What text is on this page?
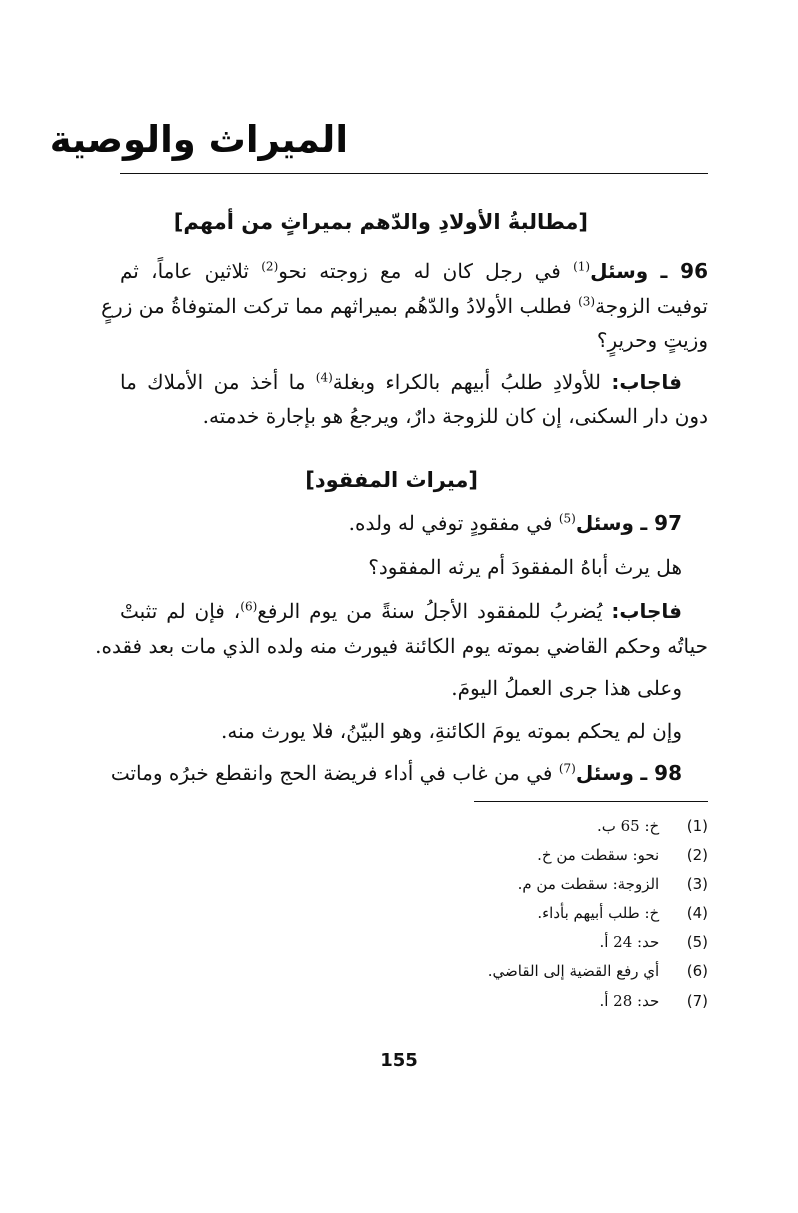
الميراث والوصية
[مطالبةُ الأولادِ والدّهم بميراثٍ من أمهم]
96 ـ وسئل$^{(1)}$ في رجل كان له مع زوجته نحو$^{(2)}$ ثلاثين عاماً، ثم
توفيت الزوجة$^{(3)}$ فطلب الأولادُ والدّهُم بميراثهم مما تركت المتوفاةُ من زرعٍ
وزيتٍ وحريرٍ؟
فاجاب: للأولادِ طلبُ أبيهم بالكراء وبغلة$^{(4)}$ ما أخذ من الأملاك ما
دون دار السكنى، إن كان للزوجة دارٌ، ويرجعُ هو بإجارة خدمته.
[ميراث المفقود]
97 ـ وسئل$^{(5)}$ في مفقودٍ توفي له ولده.
هل يرث أباهُ المفقودَ أم يرثه المفقود؟
فاجاب: يُضربُ للمفقود الأجلُ سنةً من يوم الرفع$^{(6)}$، فإن لم تثبتْ
حياتُه وحكم القاضي بموته يوم الكائنة فيورث منه ولده الذي مات بعد فقده.
وعلى هذا جرى العملُ اليومَ.
وإن لم يحكم بموته يومَ الكائنةِ، وهو البيّنُ، فلا يورث منه.
98 ـ وسئل$^{(7)}$ في من غاب في أداء فريضة الحج وانقطع خبرُه وماتت
(1) خ: 65 ب.
(2) نحو: سقطت من خ.
(3) الزوجة: سقطت من م.
(4) خ: طلب أبيهم بأداء.
(5) حد: 24 أ.
(6) أي رفع القضية إلى القاضي.
(7) حد: 28 أ.
155
